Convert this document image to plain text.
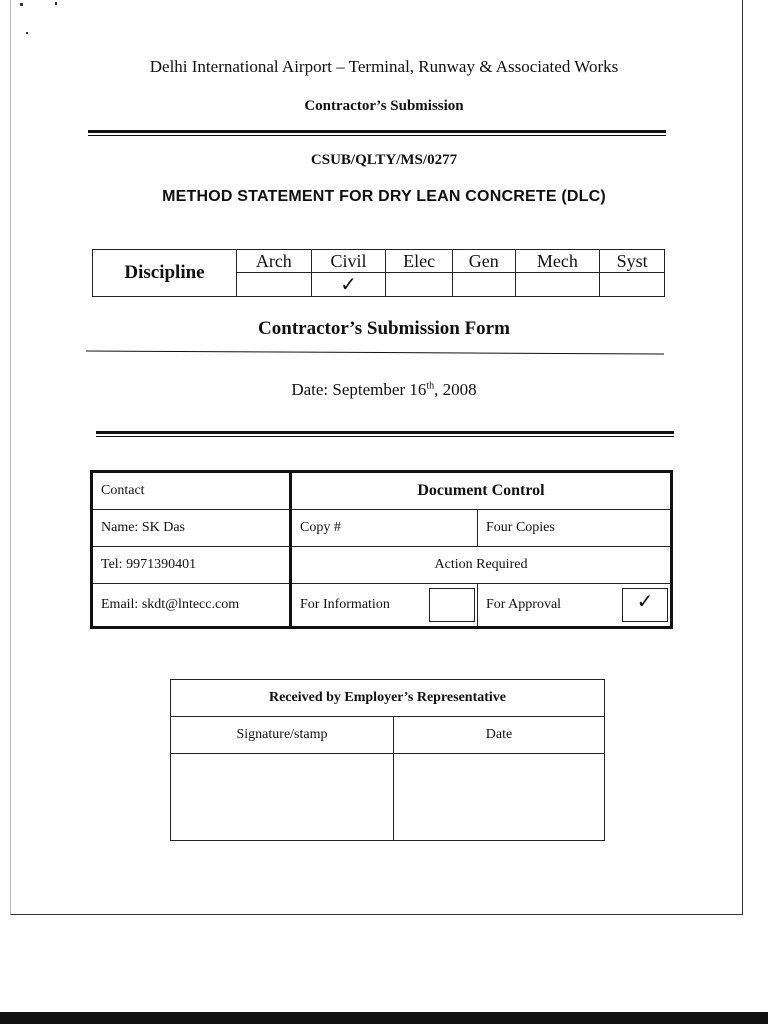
Delhi International Airport – Terminal, Runway & Associated Works
Contractor’s Submission
CSUB/QLTY/MS/0277
METHOD STATEMENT FOR DRY LEAN CONCRETE (DLC)
Discipline	Arch	Civil	Elec	Gen	Mech	Syst
		✓				
Contractor’s Submission Form
Date: September 16th, 2008
Contact	Document Control	
Name: SK Das	Copy #	Four Copies
Tel: 9971390401	Action Required	
Email: skdt@lntecc.com	For Information	For Approval ✓
Received by Employer’s Representative	
Signature/stamp	Date
